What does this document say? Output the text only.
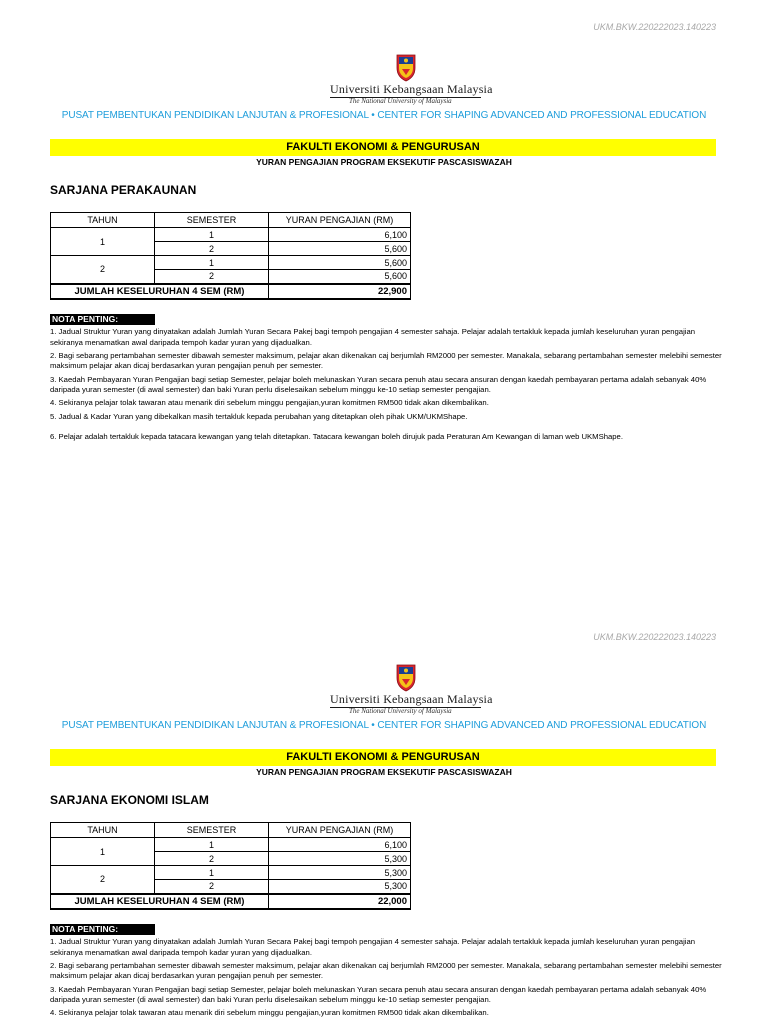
UKM.BKW.220222023.140223
Universiti Kebangsaan Malaysia
The National University of Malaysia
PUSAT PEMBENTUKAN PENDIDIKAN LANJUTAN & PROFESIONAL • CENTER FOR SHAPING ADVANCED AND PROFESSIONAL EDUCATION
FAKULTI EKONOMI & PENGURUSAN
YURAN PENGAJIAN PROGRAM EKSEKUTIF PASCASISWAZAH
SARJANA PERAKAUNAN
TAHUN	SEMESTER	YURAN PENGAJIAN (RM)
1	1	6,100
	2	5,600
2	1	5,600
	2	5,600
JUMLAH KESELURUHAN 4 SEM (RM)		22,900
NOTA PENTING:

1. Jadual Struktur Yuran yang dinyatakan adalah Jumlah Yuran Secara Pakej bagi tempoh pengajian 4 semester sahaja. Pelajar adalah tertakluk kepada jumlah keseluruhan yuran pengajian sekiranya menamatkan awal daripada tempoh kadar yuran yang dijadualkan.

2. Bagi sebarang pertambahan semester dibawah semester maksimum, pelajar akan dikenakan caj berjumlah RM2000 per semester. Manakala, sebarang pertambahan semester melebihi semester maksimum pelajar akan dicaj berdasarkan yuran pengajian penuh per semester.

3. Kaedah Pembayaran Yuran Pengajian bagi setiap Semester, pelajar boleh melunaskan Yuran secara penuh atau secara ansuran dengan kaedah pembayaran pertama adalah sebanyak 40% daripada yuran semester (di awal semester) dan baki Yuran perlu diselesaikan sebelum minggu ke-10 setiap semester pengajian.

4. Sekiranya pelajar tolak tawaran atau menarik diri sebelum minggu pengajian,yuran komitmen RM500 tidak akan dikembalikan.

5. Jadual & Kadar Yuran yang dibekalkan masih tertakluk kepada perubahan yang ditetapkan oleh pihak UKM/UKMShape.

6. Pelajar adalah tertakluk kepada tatacara kewangan yang telah ditetapkan. Tatacara kewangan boleh dirujuk pada Peraturan Am Kewangan di laman web UKMShape.

UKM.BKW.220222023.140223
Universiti Kebangsaan Malaysia
The National University of Malaysia
PUSAT PEMBENTUKAN PENDIDIKAN LANJUTAN & PROFESIONAL • CENTER FOR SHAPING ADVANCED AND PROFESSIONAL EDUCATION
FAKULTI EKONOMI & PENGURUSAN
YURAN PENGAJIAN PROGRAM EKSEKUTIF PASCASISWAZAH
SARJANA EKONOMI ISLAM
TAHUN	SEMESTER	YURAN PENGAJIAN (RM)
1	1	6,100
	2	5,300
2	1	5,300
	2	5,300
JUMLAH KESELURUHAN 4 SEM (RM)		22,000
NOTA PENTING:

1. Jadual Struktur Yuran yang dinyatakan adalah Jumlah Yuran Secara Pakej bagi tempoh pengajian 4 semester sahaja. Pelajar adalah tertakluk kepada jumlah keseluruhan yuran pengajian sekiranya menamatkan awal daripada tempoh kadar yuran yang dijadualkan.

2. Bagi sebarang pertambahan semester dibawah semester maksimum, pelajar akan dikenakan caj berjumlah RM2000 per semester. Manakala, sebarang pertambahan semester melebihi semester maksimum pelajar akan dicaj berdasarkan yuran pengajian penuh per semester.

3. Kaedah Pembayaran Yuran Pengajian bagi setiap Semester, pelajar boleh melunaskan Yuran secara penuh atau secara ansuran dengan kaedah pembayaran pertama adalah sebanyak 40% daripada yuran semester (di awal semester) dan baki Yuran perlu diselesaikan sebelum minggu ke-10 setiap semester pengajian.

4. Sekiranya pelajar tolak tawaran atau menarik diri sebelum minggu pengajian,yuran komitmen RM500 tidak akan dikembalikan.
